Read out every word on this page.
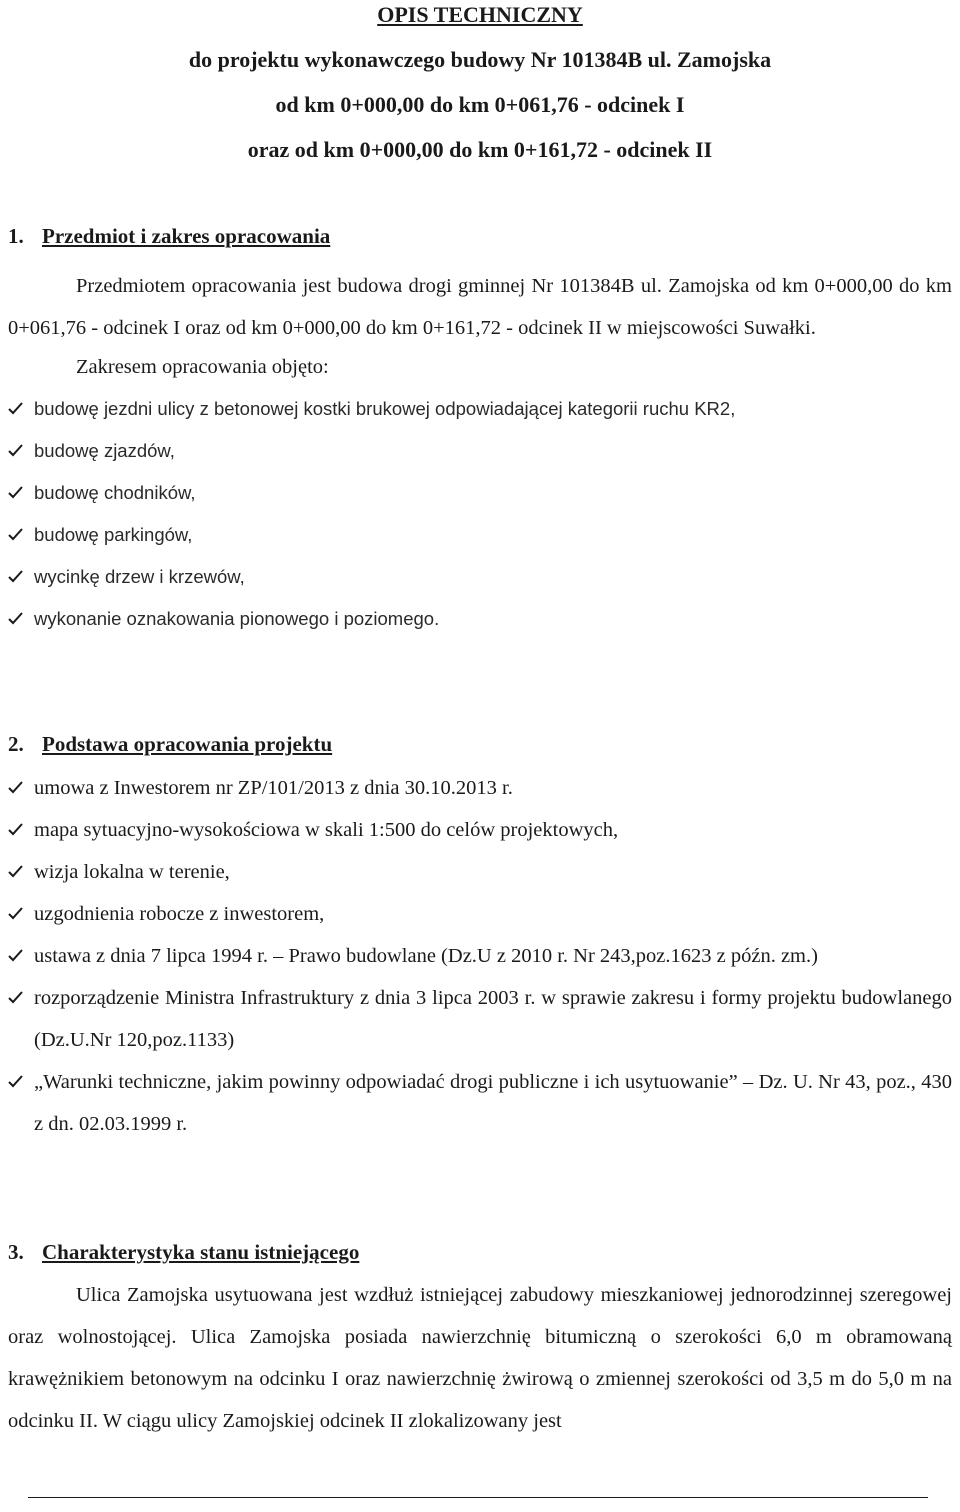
OPIS TECHNICZNY
do projektu wykonawczego budowy Nr 101384B ul. Zamojska
od km 0+000,00 do km 0+061,76 - odcinek I
oraz od km 0+000,00 do km 0+161,72 - odcinek II
1. Przedmiot i zakres opracowania
Przedmiotem opracowania jest budowa drogi gminnej Nr 101384B ul. Zamojska od km 0+000,00 do km 0+061,76 - odcinek I oraz od km 0+000,00 do km 0+161,72 - odcinek II w miejscowości Suwałki.
Zakresem opracowania objęto:
budowę jezdni ulicy z betonowej kostki brukowej odpowiadającej kategorii ruchu KR2,
budowę zjazdów,
budowę chodników,
budowę parkingów,
wycinkę drzew i krzewów,
wykonanie oznakowania pionowego i poziomego.
2. Podstawa opracowania projektu
umowa z Inwestorem nr ZP/101/2013 z dnia 30.10.2013 r.
mapa sytuacyjno-wysokościowa w skali 1:500 do celów projektowych,
wizja lokalna w terenie,
uzgodnienia robocze z inwestorem,
ustawa z dnia 7 lipca 1994 r. – Prawo budowlane (Dz.U z 2010 r. Nr 243,poz.1623 z późn. zm.)
rozporządzenie Ministra Infrastruktury z dnia 3 lipca 2003 r. w sprawie zakresu i formy projektu budowlanego (Dz.U.Nr 120,poz.1133)
„Warunki techniczne, jakim powinny odpowiadać drogi publiczne i ich usytuowanie” – Dz. U. Nr 43, poz., 430 z dn. 02.03.1999 r.
3. Charakterystyka stanu istniejącego
Ulica Zamojska usytuowana jest wzdłuż istniejącej zabudowy mieszkaniowej jednorodzinnej szeregowej oraz wolnostojącej. Ulica Zamojska posiada nawierzchnię bitumiczną o szerokości 6,0 m obramowaną krawężnikiem betonowym na odcinku I oraz nawierzchnię żwirową o zmiennej szerokości od 3,5 m do 5,0 m na odcinku II. W ciągu ulicy Zamojskiej odcinek II zlokalizowany jest
